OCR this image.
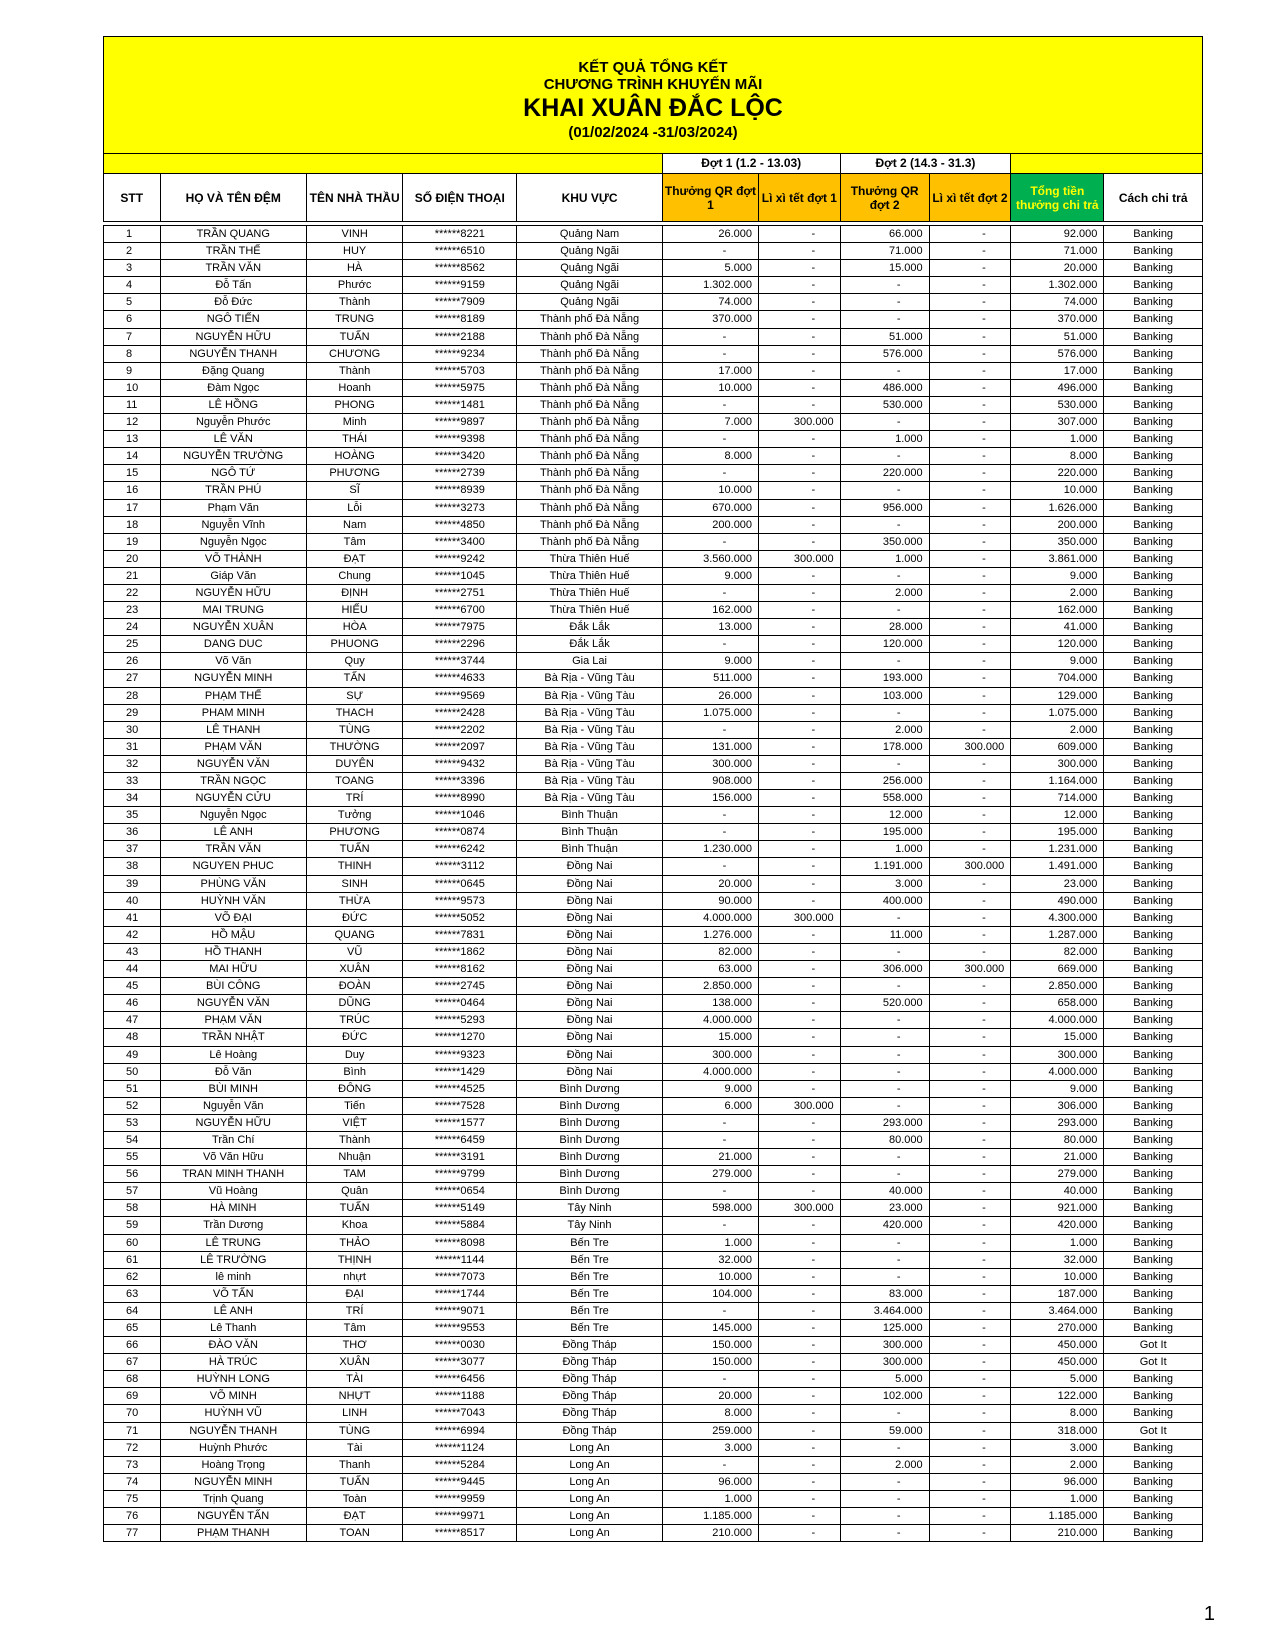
KẾT QUẢ TỔNG KẾT
CHƯƠNG TRÌNH KHUYẾN MÃI
KHAI XUÂN ĐẮC LỘC
(01/02/2024 -31/03/2024)										

					Đợt 1 (1.2 - 13.03)		Đợt 2 (14.3 - 31.3)			
STT	HỌ VÀ TÊN ĐỆM	TÊN NHÀ THẦU	SỐ ĐIỆN THOẠI	KHU VỰC	Thưởng QR đợt 1	Lì xì tết đợt 1	Thưởng QR đợt 2	Lì xì tết đợt 2	Tổng tiền thưởng chi trả	Cách chi trả

1	TRẦN QUANG	VINH	******8221	Quảng Nam	26.000	-	66.000	-	92.000	Banking
2	TRẦN THẾ	HUY	******6510	Quảng Ngãi	-	-	71.000	-	71.000	Banking
3	TRẦN VĂN	HÀ	******8562	Quảng Ngãi	5.000	-	15.000	-	20.000	Banking
4	Đỗ Tấn	Phước	******9159	Quảng Ngãi	1.302.000	-	-	-	1.302.000	Banking
5	Đỗ Đức	Thành	******7909	Quảng Ngãi	74.000	-	-	-	74.000	Banking
6	NGÔ TIẾN	TRUNG	******8189	Thành phố Đà Nẵng	370.000	-	-	-	370.000	Banking
7	NGUYỄN HỮU	TUẤN	******2188	Thành phố Đà Nẵng	-	-	51.000	-	51.000	Banking
8	NGUYỄN THANH	CHƯƠNG	******9234	Thành phố Đà Nẵng	-	-	576.000	-	576.000	Banking
9	Đặng Quang	Thành	******5703	Thành phố Đà Nẵng	17.000	-	-	-	17.000	Banking
10	Đàm Ngọc	Hoanh	******5975	Thành phố Đà Nẵng	10.000	-	486.000	-	496.000	Banking
11	LÊ HỒNG	PHONG	******1481	Thành phố Đà Nẵng	-	-	530.000	-	530.000	Banking
12	Nguyễn Phước	Minh	******9897	Thành phố Đà Nẵng	7.000	300.000	-	-	307.000	Banking
13	LÊ VĂN	THÁI	******9398	Thành phố Đà Nẵng	-	-	1.000	-	1.000	Banking
14	NGUYỄN TRƯỜNG	HOÀNG	******3420	Thành phố Đà Nẵng	8.000	-	-	-	8.000	Banking
15	NGÔ TỨ	PHƯƠNG	******2739	Thành phố Đà Nẵng	-	-	220.000	-	220.000	Banking
16	TRẦN PHÚ	SĨ	******8939	Thành phố Đà Nẵng	10.000	-	-	-	10.000	Banking
17	Phạm Văn	Lỗi	******3273	Thành phố Đà Nẵng	670.000	-	956.000	-	1.626.000	Banking
18	Nguyễn Vĩnh	Nam	******4850	Thành phố Đà Nẵng	200.000	-	-	-	200.000	Banking
19	Nguyễn Ngọc	Tâm	******3400	Thành phố Đà Nẵng	-	-	350.000	-	350.000	Banking
20	VÕ THÀNH	ĐẠT	******9242	Thừa Thiên Huế	3.560.000	300.000	1.000	-	3.861.000	Banking
21	Giáp Văn	Chung	******1045	Thừa Thiên Huế	9.000	-	-	-	9.000	Banking
22	NGUYỄN HỮU	ĐỊNH	******2751	Thừa Thiên Huế	-	-	2.000	-	2.000	Banking
23	MAI TRUNG	HIẾU	******6700	Thừa Thiên Huế	162.000	-	-	-	162.000	Banking
24	NGUYỄN XUÂN	HÒA	******7975	Đắk Lắk	13.000	-	28.000	-	41.000	Banking
25	DANG DUC	PHUONG	******2296	Đắk Lắk	-	-	120.000	-	120.000	Banking
26	Võ Văn	Quy	******3744	Gia Lai	9.000	-	-	-	9.000	Banking
27	NGUYỄN MINH	TẤN	******4633	Bà Rịa - Vũng Tàu	511.000	-	193.000	-	704.000	Banking
28	PHẠM THẾ	SỰ	******9569	Bà Rịa - Vũng Tàu	26.000	-	103.000	-	129.000	Banking
29	PHAM MINH	THACH	******2428	Bà Rịa - Vũng Tàu	1.075.000	-	-	-	1.075.000	Banking
30	LÊ THANH	TÙNG	******2202	Bà Rịa - Vũng Tàu	-	-	2.000	-	2.000	Banking
31	PHẠM VĂN	THƯỜNG	******2097	Bà Rịa - Vũng Tàu	131.000	-	178.000	300.000	609.000	Banking
32	NGUYỄN VĂN	DUYÊN	******9432	Bà Rịa - Vũng Tàu	300.000	-	-	-	300.000	Banking
33	TRẦN NGỌC	TOANG	******3396	Bà Rịa - Vũng Tàu	908.000	-	256.000	-	1.164.000	Banking
34	NGUYỄN CỬU	TRÍ	******8990	Bà Rịa - Vũng Tàu	156.000	-	558.000	-	714.000	Banking
35	Nguyễn Ngọc	Tưởng	******1046	Bình Thuận	-	-	12.000	-	12.000	Banking
36	LÊ ANH	PHƯƠNG	******0874	Bình Thuận	-	-	195.000	-	195.000	Banking
37	TRẦN VĂN	TUẤN	******6242	Bình Thuận	1.230.000	-	1.000	-	1.231.000	Banking
38	NGUYEN PHUC	THINH	******3112	Đồng Nai	-	-	1.191.000	300.000	1.491.000	Banking
39	PHÙNG VĂN	SINH	******0645	Đồng Nai	20.000	-	3.000	-	23.000	Banking
40	HUỲNH VĂN	THỪA	******9573	Đồng Nai	90.000	-	400.000	-	490.000	Banking
41	VÕ ĐẠI	ĐỨC	******5052	Đồng Nai	4.000.000	300.000	-	-	4.300.000	Banking
42	HỒ MẬU	QUANG	******7831	Đồng Nai	1.276.000	-	11.000	-	1.287.000	Banking
43	HỒ THANH	VŨ	******1862	Đồng Nai	82.000	-	-	-	82.000	Banking
44	MAI HỮU	XUÂN	******8162	Đồng Nai	63.000	-	306.000	300.000	669.000	Banking
45	BÙI CÔNG	ĐOÀN	******2745	Đồng Nai	2.850.000	-	-	-	2.850.000	Banking
46	NGUYỄN VĂN	DŨNG	******0464	Đồng Nai	138.000	-	520.000	-	658.000	Banking
47	PHẠM VĂN	TRÚC	******5293	Đồng Nai	4.000.000	-	-	-	4.000.000	Banking
48	TRẦN NHẬT	ĐỨC	******1270	Đồng Nai	15.000	-	-	-	15.000	Banking
49	Lê Hoàng	Duy	******9323	Đồng Nai	300.000	-	-	-	300.000	Banking
50	Đỗ Văn	Bình	******1429	Đồng Nai	4.000.000	-	-	-	4.000.000	Banking
51	BÙI MINH	ĐÔNG	******4525	Bình Dương	9.000	-	-	-	9.000	Banking
52	Nguyễn Văn	Tiến	******7528	Bình Dương	6.000	300.000	-	-	306.000	Banking
53	NGUYỄN HỮU	VIỆT	******1577	Bình Dương	-	-	293.000	-	293.000	Banking
54	Trần Chí	Thành	******6459	Bình Dương	-	-	80.000	-	80.000	Banking
55	Võ Văn Hữu	Nhuận	******3191	Bình Dương	21.000	-	-	-	21.000	Banking
56	TRAN MINH THANH	TAM	******9799	Bình Dương	279.000	-	-	-	279.000	Banking
57	Vũ Hoàng	Quân	******0654	Bình Dương	-	-	40.000	-	40.000	Banking
58	HÀ MINH	TUẤN	******5149	Tây Ninh	598.000	300.000	23.000	-	921.000	Banking
59	Trần Dương	Khoa	******5884	Tây Ninh	-	-	420.000	-	420.000	Banking
60	LÊ TRUNG	THẢO	******8098	Bến Tre	1.000	-	-	-	1.000	Banking
61	LÊ TRƯỜNG	THỊNH	******1144	Bến Tre	32.000	-	-	-	32.000	Banking
62	lê minh	nhựt	******7073	Bến Tre	10.000	-	-	-	10.000	Banking
63	VÕ TẤN	ĐẠI	******1744	Bến Tre	104.000	-	83.000	-	187.000	Banking
64	LÊ ANH	TRÍ	******9071	Bến Tre	-	-	3.464.000	-	3.464.000	Banking
65	Lê Thanh	Tâm	******9553	Bến Tre	145.000	-	125.000	-	270.000	Banking
66	ĐÀO VĂN	THƠ	******0030	Đồng Tháp	150.000	-	300.000	-	450.000	Got It
67	HÀ TRÚC	XUÂN	******3077	Đồng Tháp	150.000	-	300.000	-	450.000	Got It
68	HUỲNH LONG	TÀI	******6456	Đồng Tháp	-	-	5.000	-	5.000	Banking
69	VÕ MINH	NHỰT	******1188	Đồng Tháp	20.000	-	102.000	-	122.000	Banking
70	HUỲNH VŨ	LINH	******7043	Đồng Tháp	8.000	-	-	-	8.000	Banking
71	NGUYỄN THANH	TÙNG	******6994	Đồng Tháp	259.000	-	59.000	-	318.000	Got It
72	Huỳnh Phước	Tài	******1124	Long An	3.000	-	-	-	3.000	Banking
73	Hoàng Trọng	Thanh	******5284	Long An	-	-	2.000	-	2.000	Banking
74	NGUYỄN MINH	TUẤN	******9445	Long An	96.000	-	-	-	96.000	Banking
75	Trịnh Quang	Toàn	******9959	Long An	1.000	-	-	-	1.000	Banking
76	NGUYỄN TẤN	ĐẠT	******9971	Long An	1.185.000	-	-	-	1.185.000	Banking
77	PHẠM THANH	TOAN	******8517	Long An	210.000	-	-	-	210.000	Banking
1
